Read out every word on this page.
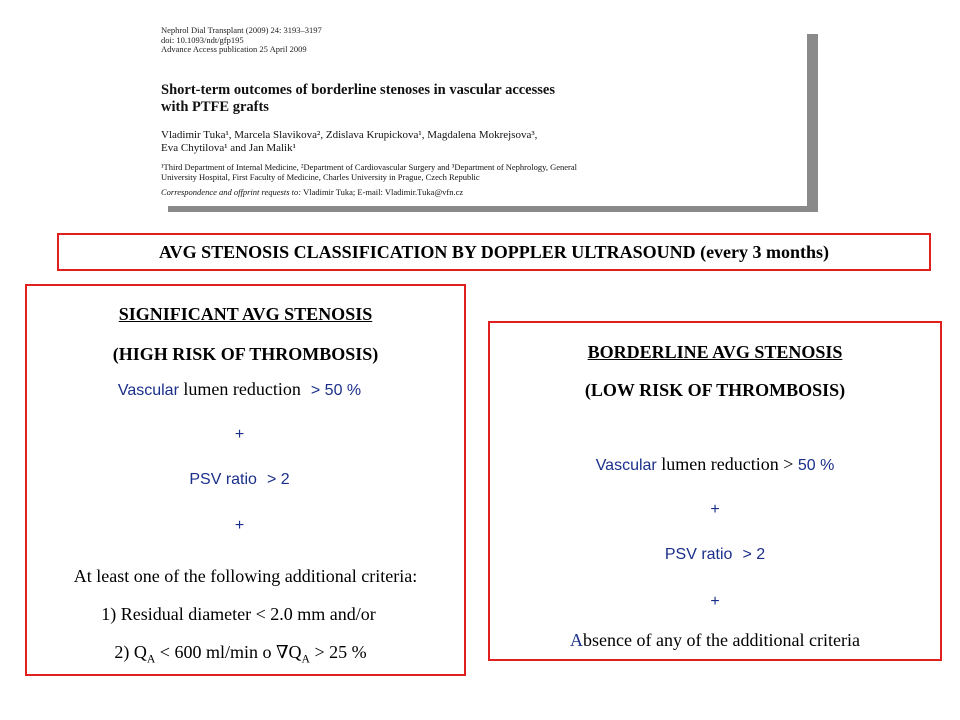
Nephrol Dial Transplant (2009) 24: 3193–3197
doi: 10.1093/ndt/gfp195
Advance Access publication 25 April 2009
Short-term outcomes of borderline stenoses in vascular accesses
with PTFE grafts
Vladimir Tuka¹, Marcela Slavikova², Zdislava Krupickova¹, Magdalena Mokrejsova³,
Eva Chytilova¹ and Jan Malik¹
¹Third Department of Internal Medicine, ²Department of Cardiovascular Surgery and ³Department of Nephrology, General
University Hospital, First Faculty of Medicine, Charles University in Prague, Czech Republic
Correspondence and offprint requests to: Vladimir Tuka; E-mail: Vladimir.Tuka@vfn.cz
AVG STENOSIS CLASSIFICATION BY DOPPLER ULTRASOUND (every 3 months)
SIGNIFICANT AVG STENOSIS
(HIGH RISK OF THROMBOSIS)
Vascular lumen reduction > 50 %
+
PSV ratio > 2
+
At least one of the following additional criteria:
1) Residual diameter < 2.0 mm and/or
2) $Q_A < 600$ ml/min o $\nabla Q_A > 25$ %
BORDERLINE AVG STENOSIS
(LOW RISK OF THROMBOSIS)
Vascular lumen reduction > 50 %
+
PSV ratio > 2
+
Absence of any of the additional criteria
